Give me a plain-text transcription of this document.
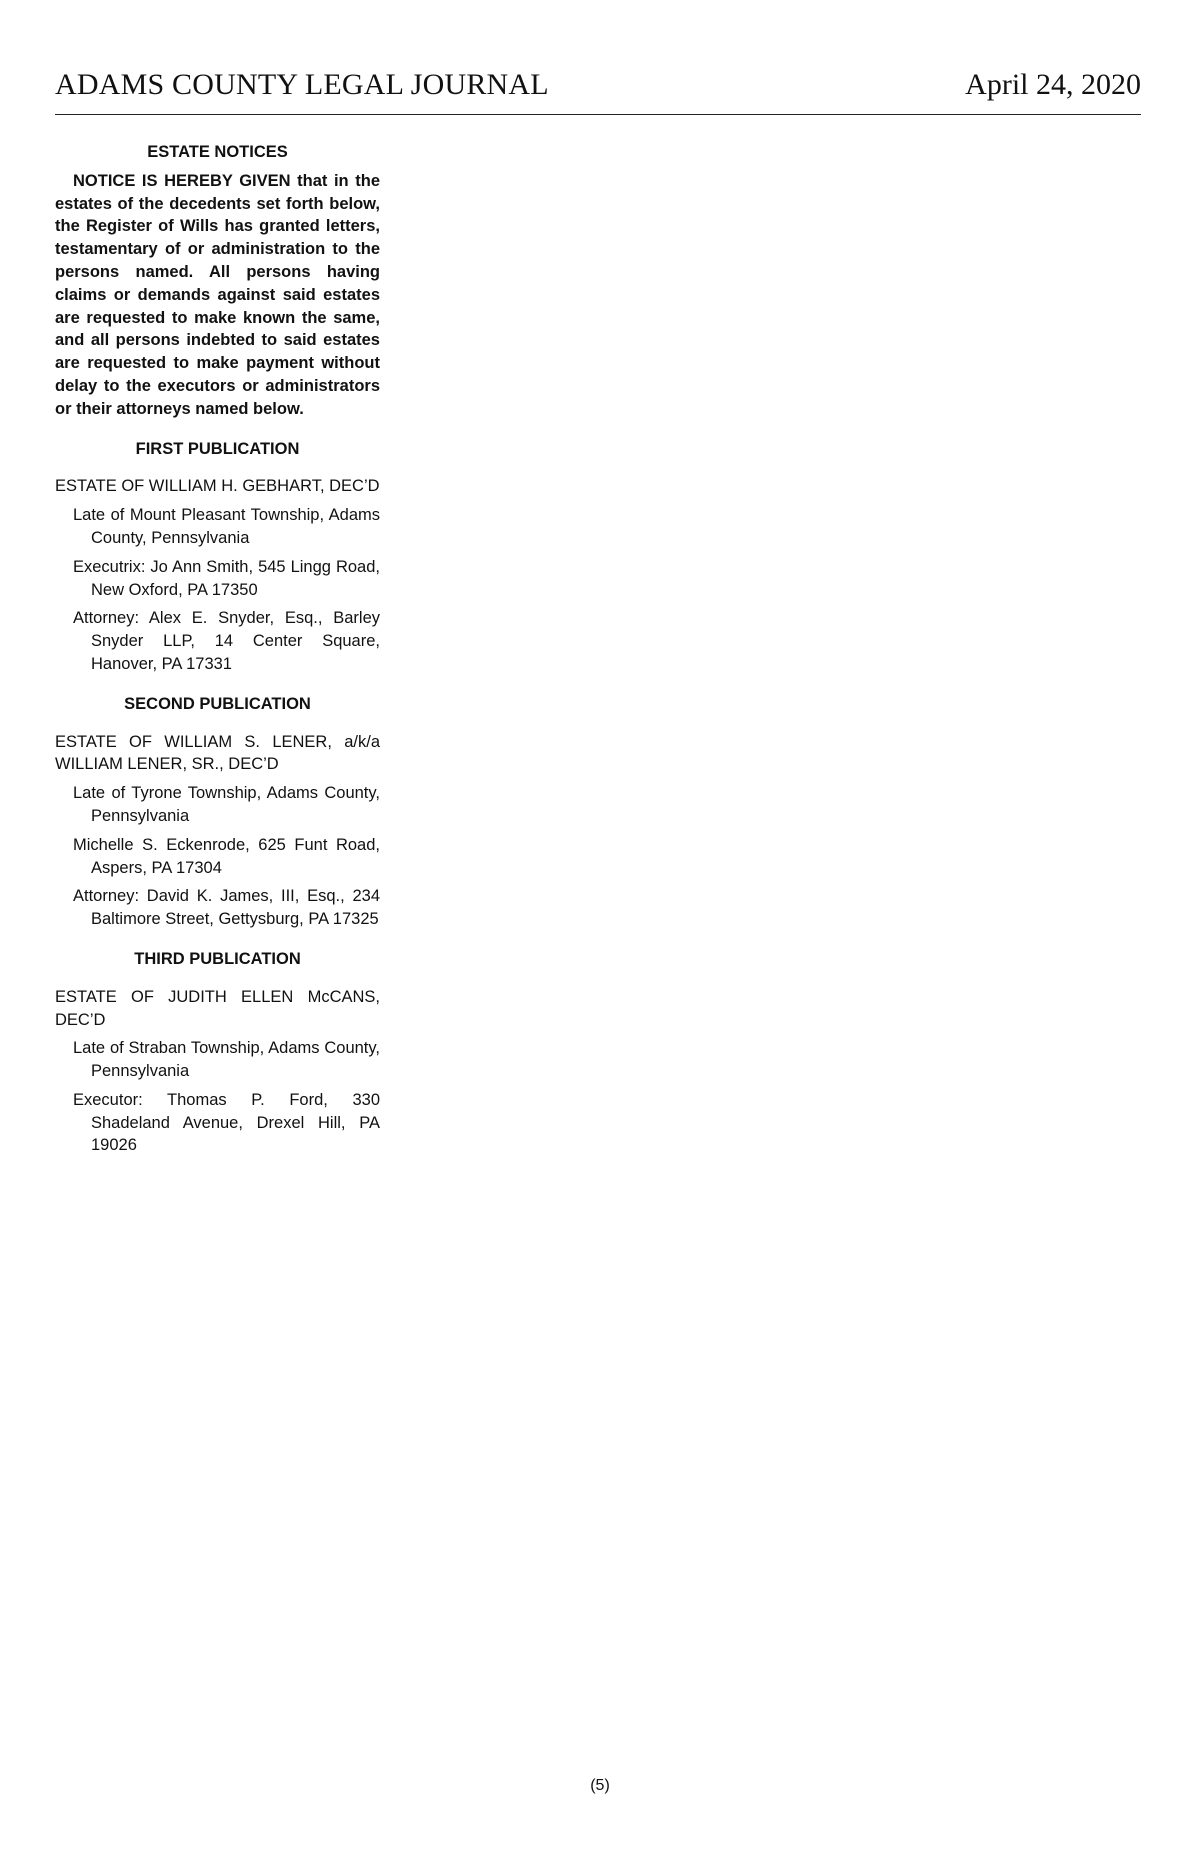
ADAMS COUNTY LEGAL JOURNAL	April 24, 2020

ESTATE NOTICES

NOTICE IS HEREBY GIVEN that in the estates of the decedents set forth below, the Register of Wills has granted letters, testamentary of or administration to the persons named. All persons having claims or demands against said estates are requested to make known the same, and all persons indebted to said estates are requested to make payment without delay to the executors or administrators or their attorneys named below.

FIRST PUBLICATION

ESTATE OF WILLIAM H. GEBHART, DEC’D

Late of Mount Pleasant Township, Adams County, Pennsylvania

Executrix: Jo Ann Smith, 545 Lingg Road, New Oxford, PA 17350

Attorney: Alex E. Snyder, Esq., Barley Snyder LLP, 14 Center Square, Hanover, PA 17331

SECOND PUBLICATION

ESTATE OF WILLIAM S. LENER, a/k/a WILLIAM LENER, SR., DEC’D

Late of Tyrone Township, Adams County, Pennsylvania

Michelle S. Eckenrode, 625 Funt Road, Aspers, PA 17304

Attorney: David K. James, III, Esq., 234 Baltimore Street, Gettysburg, PA 17325

THIRD PUBLICATION

ESTATE OF JUDITH ELLEN McCANS, DEC’D

Late of Straban Township, Adams County, Pennsylvania

Executor: Thomas P. Ford, 330 Shadeland Avenue, Drexel Hill, PA 19026

(5)
